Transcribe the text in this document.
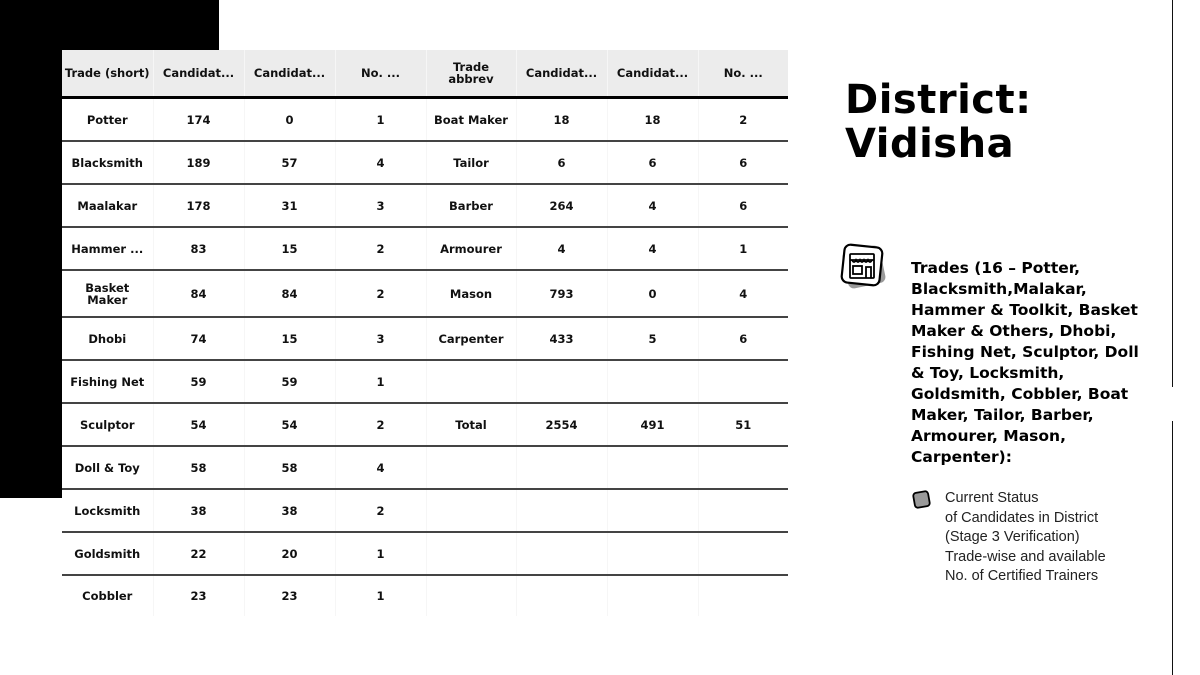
Trade (short)	Candidat...	Candidat...	No. ...	Trade abbrev	Candidat...	Candidat...	No. ...
Potter	174	0	1	Boat Maker	18	18	2
Blacksmith	189	57	4	Tailor	6	6	6
Maalakar	178	31	3	Barber	264	4	6
Hammer ...	83	15	2	Armourer	4	4	1
Basket Maker	84	84	2	Mason	793	0	4
Dhobi	74	15	3	Carpenter	433	5	6
Fishing Net	59	59	1				
Sculptor	54	54	2	Total	2554	491	51
Doll & Toy	58	58	4				
Locksmith	38	38	2				
Goldsmith	22	20	1				
Cobbler	23	23	1				
District:
Vidisha
Trades (16 – Potter, Blacksmith,Malakar, Hammer & Toolkit, Basket Maker & Others, Dhobi, Fishing Net, Sculptor, Doll & Toy, Locksmith, Goldsmith, Cobbler, Boat Maker, Tailor, Barber, Armourer, Mason, Carpenter):
Current Status
of Candidates in District
(Stage 3 Verification)
Trade-wise and available
No. of Certified Trainers
